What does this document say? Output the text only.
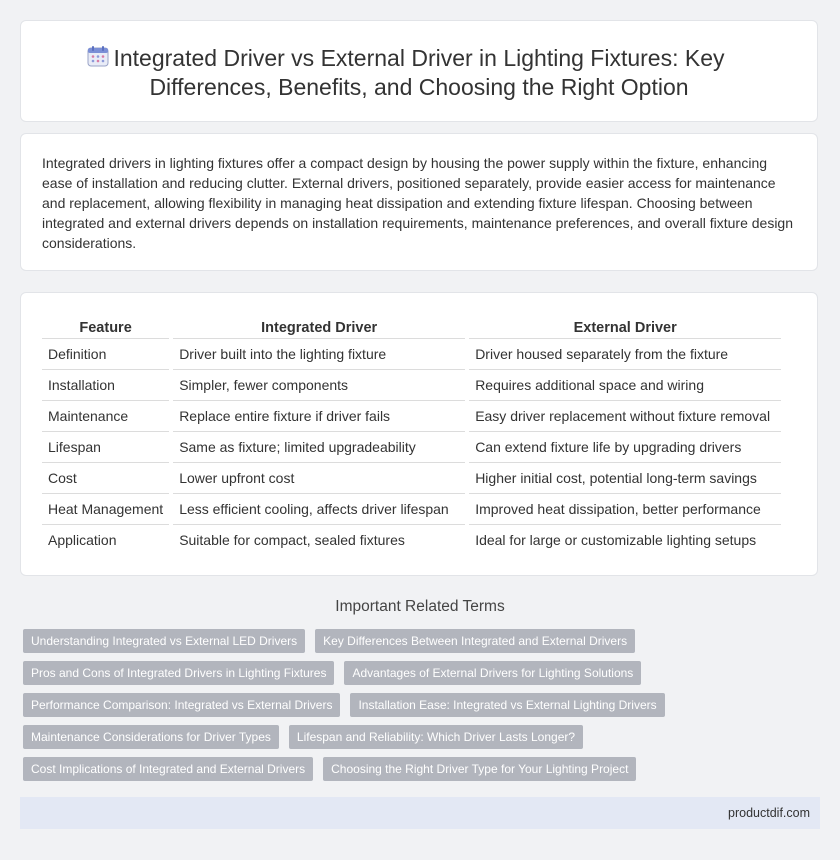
Integrated Driver vs External Driver in Lighting Fixtures: Key Differences, Benefits, and Choosing the Right Option

Integrated drivers in lighting fixtures offer a compact design by housing the power supply within the fixture, enhancing ease of installation and reducing clutter. External drivers, positioned separately, provide easier access for maintenance and replacement, allowing flexibility in managing heat dissipation and extending fixture lifespan. Choosing between integrated and external drivers depends on installation requirements, maintenance preferences, and overall fixture design considerations.

Feature		Integrated Driver		External Driver
Definition		Driver built into the lighting fixture		Driver housed separately from the fixture
Installation		Simpler, fewer components		Requires additional space and wiring
Maintenance		Replace entire fixture if driver fails		Easy driver replacement without fixture removal
Lifespan		Same as fixture; limited upgradeability		Can extend fixture life by upgrading drivers
Cost		Lower upfront cost		Higher initial cost, potential long-term savings
Heat Management		Less efficient cooling, affects driver lifespan		Improved heat dissipation, better performance
Application		Suitable for compact, sealed fixtures		Ideal for large or customizable lighting setups
Important Related Terms
Understanding Integrated vs External LED Drivers Key Differences Between Integrated and External Drivers
Pros and Cons of Integrated Drivers in Lighting Fixtures Advantages of External Drivers for Lighting Solutions
Performance Comparison: Integrated vs External Drivers Installation Ease: Integrated vs External Lighting Drivers
Maintenance Considerations for Driver Types Lifespan and Reliability: Which Driver Lasts Longer?
Cost Implications of Integrated and External Drivers Choosing the Right Driver Type for Your Lighting Project
productdif.com
